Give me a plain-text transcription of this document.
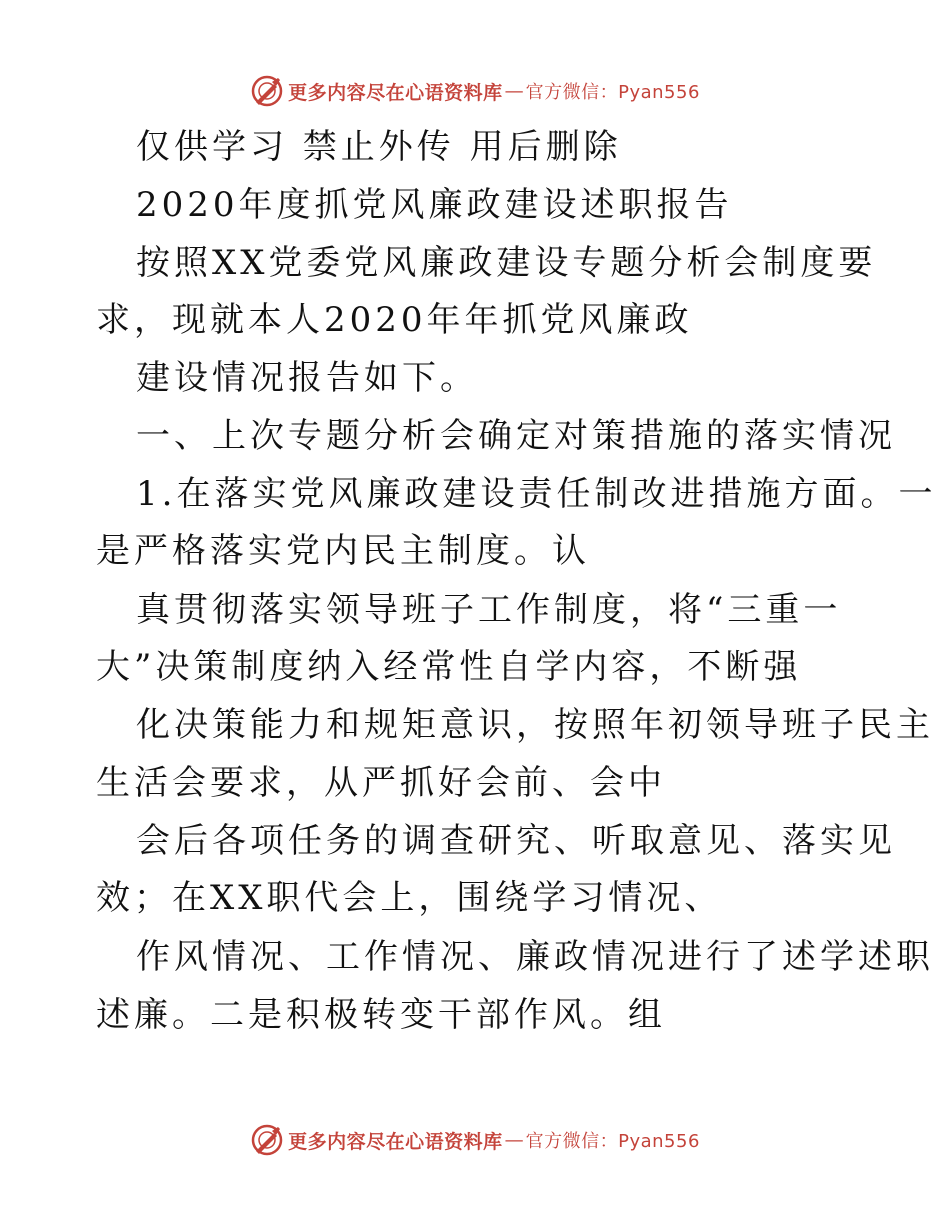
更多内容尽在心语资料库 — 官方微信：Pyan556
仅供学习 禁止外传 用后删除
2020年度抓党风廉政建设述职报告
按照XX党委党风廉政建设专题分析会制度要
求，现就本人2020年年抓党风廉政
建设情况报告如下。
一、上次专题分析会确定对策措施的落实情况
1.在落实党风廉政建设责任制改进措施方面。一
是严格落实党内民主制度。认
真贯彻落实领导班子工作制度，将“三重一
大”决策制度纳入经常性自学内容，不断强
化决策能力和规矩意识，按照年初领导班子民主
生活会要求，从严抓好会前、会中
会后各项任务的调查研究、听取意见、落实见
效；在XX职代会上，围绕学习情况、
作风情况、工作情况、廉政情况进行了述学述职
述廉。二是积极转变干部作风。组
更多内容尽在心语资料库 — 官方微信：Pyan556
